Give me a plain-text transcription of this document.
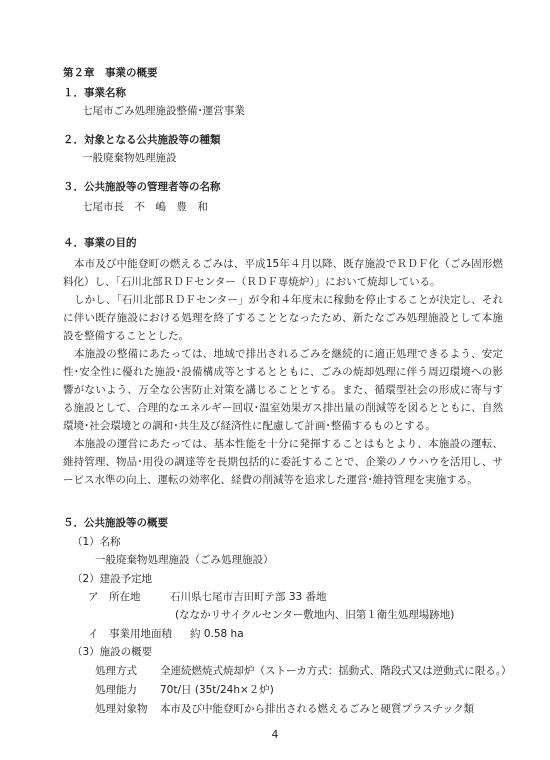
第２章　事業の概要
１．事業名称
七尾市ごみ処理施設整備･運営事業
２．対象となる公共施設等の種類
一般廃棄物処理施設
３．公共施設等の管理者等の名称
七尾市長　不　嶋　豊　和
４．事業の目的

本市及び中能登町の燃えるごみは、平成15年４月以降、既存施設でＲＤＦ化（ごみ固形燃料化）し、「石川北部ＲＤＦセンター（ＲＤＦ専焼炉）」において焼却している。

しかし、「石川北部ＲＤＦセンター」が令和４年度末に稼動を停止することが決定し、それに伴い既存施設における処理を終了することとなったため、新たなごみ処理施設として本施設を整備することとした。

本施設の整備にあたっては、地域で排出されるごみを継続的に適正処理できるよう、安定性･安全性に優れた施設･設備構成等とするとともに、ごみの焼却処理に伴う周辺環境への影響がないよう、万全な公害防止対策を講じることとする。また、循環型社会の形成に寄与する施設として、合理的なエネルギー回収･温室効果ガス排出量の削減等を図るとともに、自然環境･社会環境との調和･共生及び経済性に配慮して計画･整備するものとする。

本施設の運営にあたっては、基本性能を十分に発揮することはもとより、本施設の運転、維持管理、物品･用役の調達等を長期包括的に委託することで、企業のノウハウを活用し、サービス水準の向上、運転の効率化、経費の削減等を追求した運営･維持管理を実施する。

５．公共施設等の概要
（1）名称
一般廃棄物処理施設（ごみ処理施設）
（2）建設予定地
ア　所在地	石川県七尾市吉田町テ部 33 番地
(ななかリサイクルセンター敷地内、旧第１衛生処理場跡地)
イ　事業用地面積 約 0.58 ha
（3）施設の概要
処理方式 全連続燃焼式焼却炉（ストーカ方式：揺動式、階段式又は逆動式に限る。）
処理能力 70t/日 (35t/24h×２炉)
処理対象物 本市及び中能登町から排出される燃えるごみと硬質プラスチック類
4
